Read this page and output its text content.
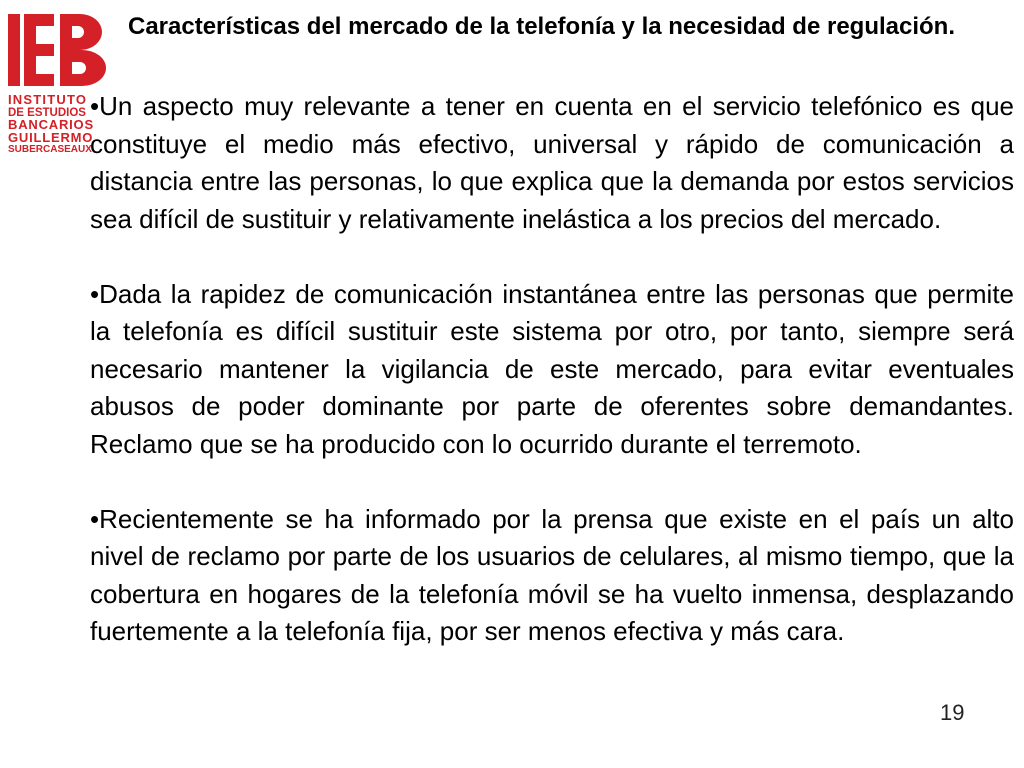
INSTITUTO
DE ESTUDIOS
BANCARIOS
GUILLERMO
SUBERCASEAUX
Características del mercado de la telefonía y la necesidad de regulación.

•Un aspecto muy relevante a tener en cuenta en el servicio telefónico es que constituye el medio más efectivo, universal y rápido de comunicación a distancia entre las personas, lo que explica que la demanda por estos servicios sea difícil de sustituir y relativamente inelástica a los precios del mercado.

•Dada la rapidez de comunicación instantánea entre las personas que permite la telefonía es difícil sustituir este sistema por otro, por tanto, siempre será necesario mantener la vigilancia de este mercado, para evitar eventuales abusos de poder dominante por parte de oferentes sobre demandantes. Reclamo que se ha producido con lo ocurrido durante el terremoto.

•Recientemente se ha informado por la prensa que existe en el país un alto nivel de reclamo por parte de los usuarios de celulares, al mismo tiempo, que la cobertura en hogares de la telefonía móvil se ha vuelto inmensa, desplazando fuertemente a la telefonía fija, por ser menos efectiva y más cara.

19
